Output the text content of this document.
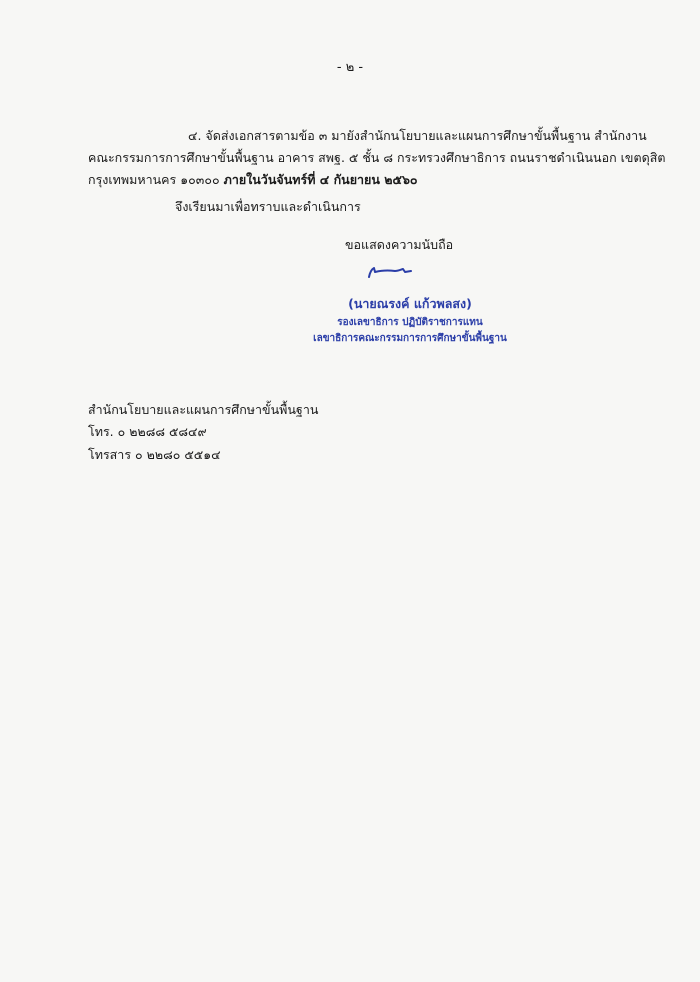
- ๒ -
๔. จัดส่งเอกสารตามข้อ ๓ มายังสำนักนโยบายและแผนการศึกษาขั้นพื้นฐาน สำนักงาน
คณะกรรมการการศึกษาขั้นพื้นฐาน อาคาร สพฐ. ๕ ชั้น ๘ กระทรวงศึกษาธิการ ถนนราชดำเนินนอก เขตดุสิต
กรุงเทพมหานคร ๑๐๓๐๐ ภายในวันจันทร์ที่ ๔ กันยายน ๒๕๖๐
จึงเรียนมาเพื่อทราบและดำเนินการ
ขอแสดงความนับถือ
(นายณรงค์ แก้วพลสง)
รองเลขาธิการ ปฏิบัติราชการแทน
เลขาธิการคณะกรรมการการศึกษาขั้นพื้นฐาน
สำนักนโยบายและแผนการศึกษาขั้นพื้นฐาน
โทร. ๐ ๒๒๘๘ ๕๘๔๙
โทรสาร ๐ ๒๒๘๐ ๕๕๑๔
